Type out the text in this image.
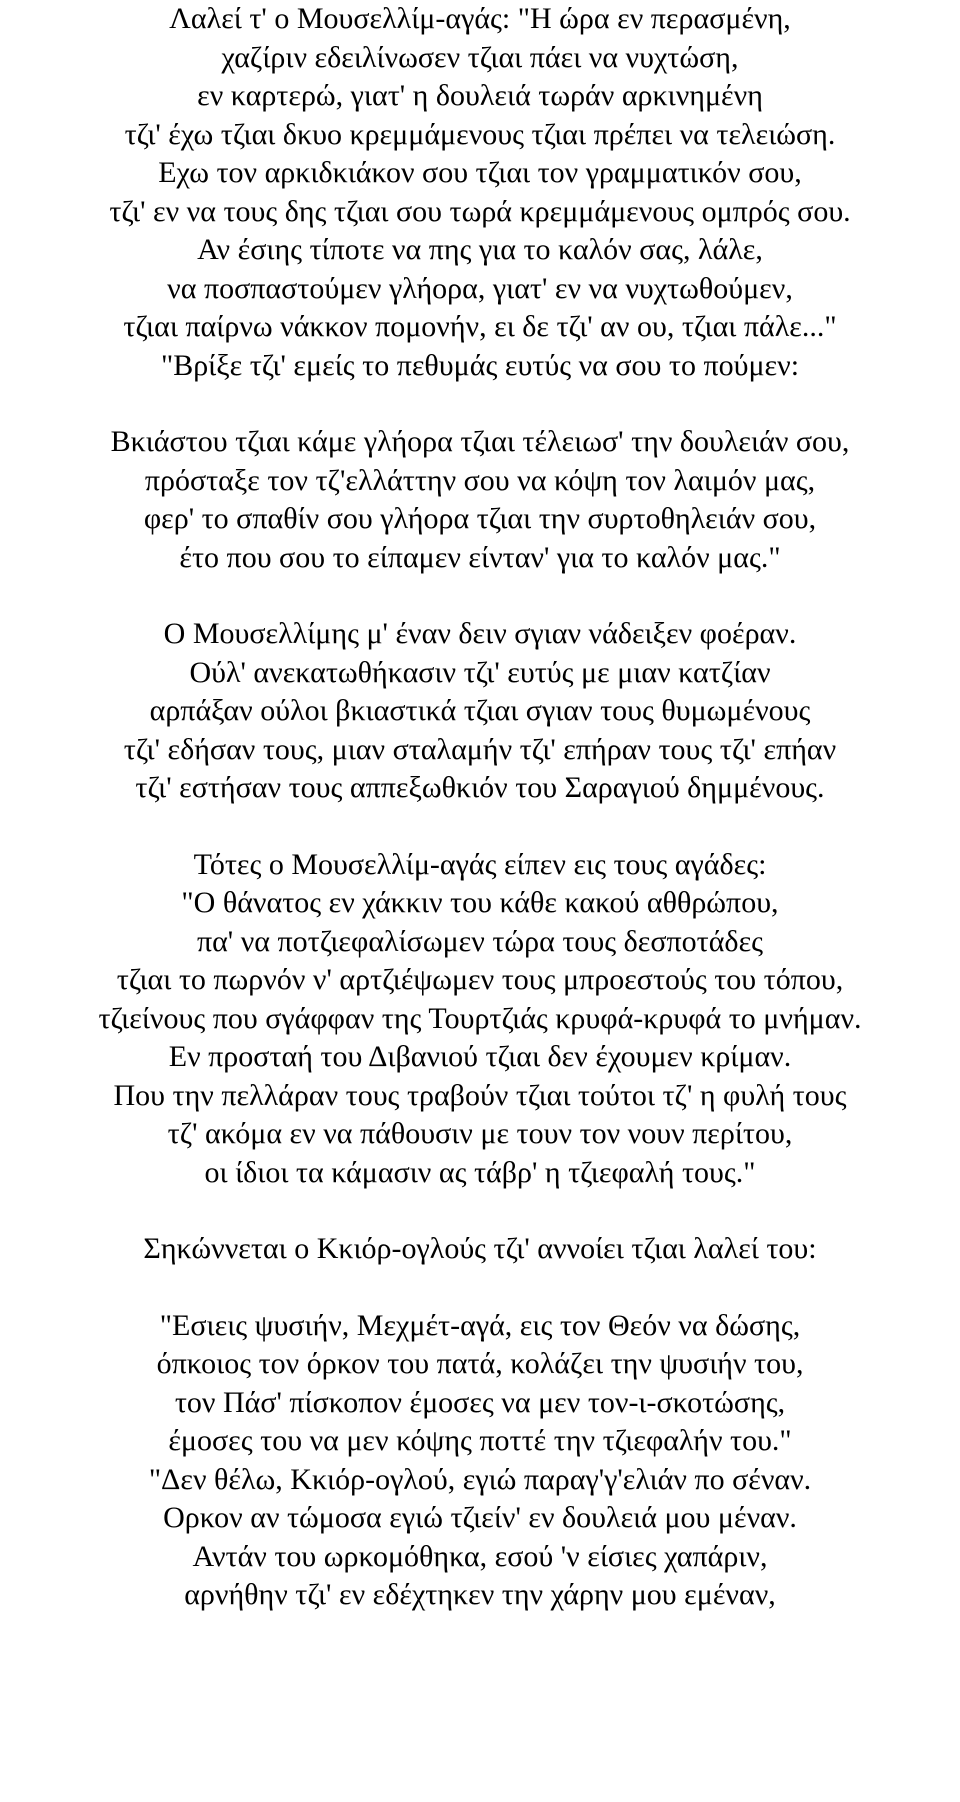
Λαλεί τ' ο Μουσελλίμ-αγάς: "Η ώρα εν περασμένη,
χαζίριν εδειλίνωσεν τζιαι πάει να νυχτώση,
εν καρτερώ, γιατ' η δουλειά τωράν αρκινημένη
τζι' έχω τζιαι δκυο κρεμμάμενους τζιαι πρέπει να τελειώση.
Εχω τον αρκιδκιάκον σου τζιαι τον γραμματικόν σου,
τζι' εν να τους δης τζιαι σου τωρά κρεμμάμενους ομπρός σου.
Αν έσιης τίποτε να πης για το καλόν σας, λάλε,
να ποσπαστούμεν γλήορα, γιατ' εν να νυχτωθούμεν,
τζιαι παίρνω νάκκον πομονήν, ει δε τζι' αν ου, τζιαι πάλε..."
"Βρίξε τζι' εμείς το πεθυμάς ευτύς να σου το πούμεν:
Βκιάστου τζιαι κάμε γλήορα τζιαι τέλειωσ' την δουλειάν σου,
πρόσταξε τον τζ'ελλάττην σου να κόψη τον λαιμόν μας,
φερ' το σπαθίν σου γλήορα τζιαι την συρτοθηλειάν σου,
έτο που σου το είπαμεν είνταν' για το καλόν μας."
Ο Μουσελλίμης μ' έναν δειν σγιαν νάδειξεν φοέραν.
Ούλ' ανεκατωθήκασιν τζι' ευτύς με μιαν κατζίαν
αρπάξαν ούλοι βκιαστικά τζιαι σγιαν τους θυμωμένους
τζι' εδήσαν τους, μιαν σταλαμήν τζι' επήραν τους τζι' επήαν
τζι' εστήσαν τους αππεξωθκιόν του Σαραγιού δημμένους.
Τότες ο Μουσελλίμ-αγάς είπεν εις τους αγάδες:
"Ο θάνατος εν χάκκιν του κάθε κακού αθθρώπου,
πα' να ποτζιεφαλίσωμεν τώρα τους δεσποτάδες
τζιαι το πωρνόν ν' αρτζιέψωμεν τους μπροεστούς του τόπου,
τζιείνους που σγάφφαν της Τουρτζιάς κρυφά-κρυφά το μνήμαν.
Εν προσταή του Διβανιού τζιαι δεν έχουμεν κρίμαν.
Που την πελλάραν τους τραβούν τζιαι τούτοι τζ' η φυλή τους
τζ' ακόμα εν να πάθουσιν με τουν τον νουν περίτου,
οι ίδιοι τα κάμασιν ας τάβρ' η τζιεφαλή τους."
Σηκώννεται ο Κκιόρ-ογλούς τζι' αννοίει τζιαι λαλεί του:
"Εσιεις ψυσιήν, Μεχμέτ-αγά, εις τον Θεόν να δώσης,
όπκοιος τον όρκον του πατά, κολάζει την ψυσιήν του,
τον Πάσ' πίσκοπον έμοσες να μεν τον-ι-σκοτώσης,
έμοσες του να μεν κόψης ποττέ την τζιεφαλήν του."
"Δεν θέλω, Κκιόρ-ογλού, εγιώ παραγ'γ'ελιάν πο σέναν.
Ορκον αν τώμοσα εγιώ τζιείν' εν δουλειά μου μέναν.
Αντάν του ωρκομόθηκα, εσού 'ν είσιες χαπάριν,
αρνήθην τζι' εν εδέχτηκεν την χάρην μου εμέναν,
